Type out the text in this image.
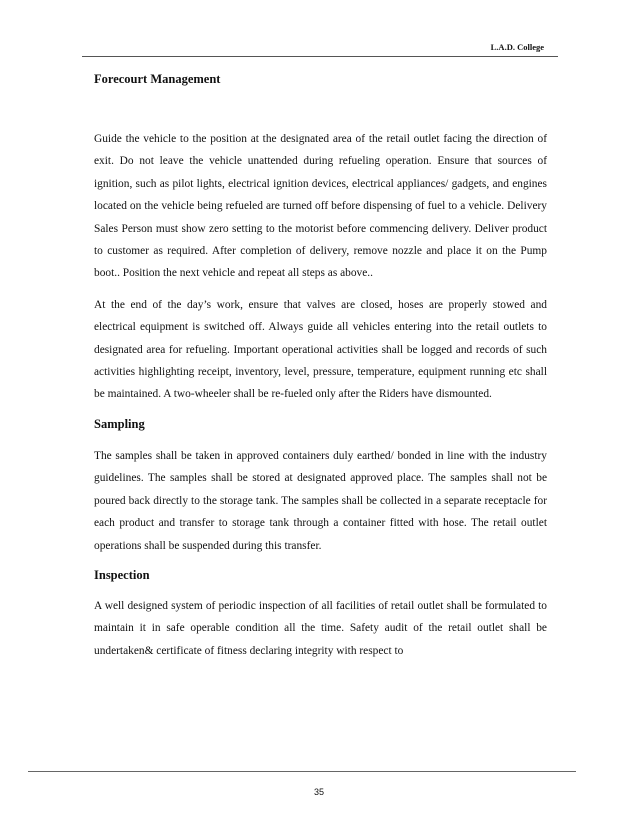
L.A.D. College
Forecourt Management

Guide the vehicle to the position at the designated area of the retail outlet facing the direction of exit. Do not leave the vehicle unattended during refueling operation. Ensure that sources of ignition, such as pilot lights, electrical ignition devices, electrical appliances/ gadgets, and engines located on the vehicle being refueled are turned off before dispensing of fuel to a vehicle. Delivery Sales Person must show zero setting to the motorist before commencing delivery. Deliver product to customer as required. After completion of delivery, remove nozzle and place it on the Pump boot.. Position the next vehicle and repeat all steps as above..

At the end of the day’s work, ensure that valves are closed, hoses are properly stowed and electrical equipment is switched off. Always guide all vehicles entering into the retail outlets to designated area for refueling. Important operational activities shall be logged and records of such activities highlighting receipt, inventory, level, pressure, temperature, equipment running etc shall be maintained. A two-wheeler shall be re-fueled only after the Riders have dismounted.

Sampling

The samples shall be taken in approved containers duly earthed/ bonded in line with the industry guidelines. The samples shall be stored at designated approved place. The samples shall not be poured back directly to the storage tank. The samples shall be collected in a separate receptacle for each product and transfer to storage tank through a container fitted with hose. The retail outlet operations shall be suspended during this transfer.

Inspection

A well designed system of periodic inspection of all facilities of retail outlet shall be formulated to maintain it in safe operable condition all the time. Safety audit of the retail outlet shall be undertaken& certificate of fitness declaring integrity with respect to

35
